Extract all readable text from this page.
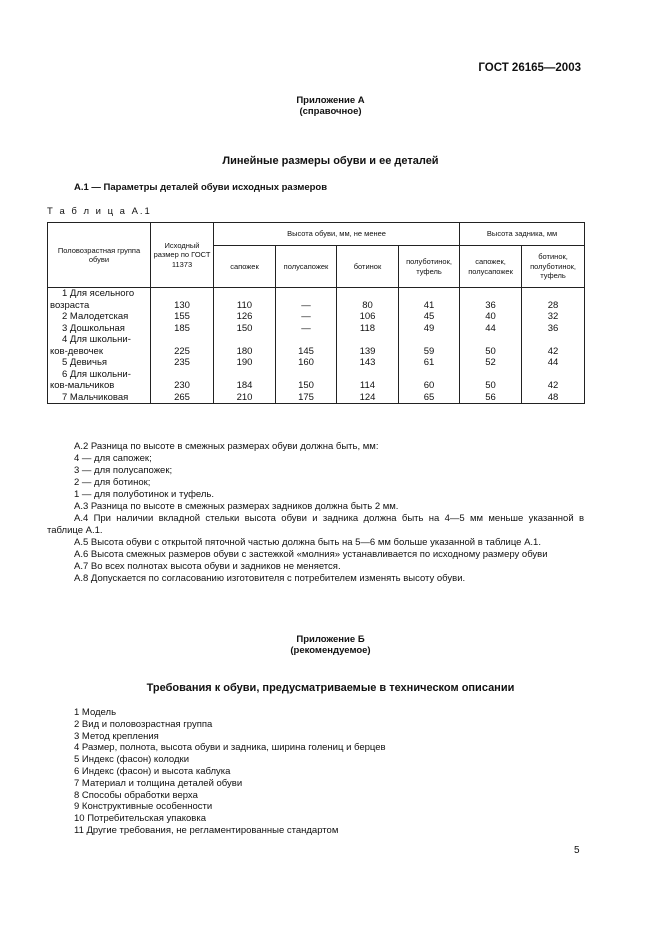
ГОСТ 26165—2003
Приложение А
(справочное)
Линейные размеры обуви и ее деталей
А.1 — Параметры деталей обуви исходных размеров
Т а б л и ц а А.1
Половозрастная группа обуви	Исходный размер по ГОСТ 11373	Высота обуви, мм, не менее				Высота задника, мм	
		сапожек	полусапожек	ботинок	полуботинок, туфель	сапожек, полусапожек	ботинок, полуботинок, туфель

1 Для ясельного
возраста	130	110	—	80	41	36	28

2 Малодетская	155	126	—	106	45	40	32

3 Дошкольная	185	150	—	118	49	44	36

4 Для школьни-
ков-девочек	225	180	145	139	59	50	42

5 Девичья	235	190	160	143	61	52	44

6 Для школьни-
ков-мальчиков	230	184	150	114	60	50	42

7 Мальчиковая	265	210	175	124	65	56	48
А.2 Разница по высоте в смежных размерах обуви должна быть, мм:
4 — для сапожек;
3 — для полусапожек;
2 — для ботинок;
1 — для полуботинок и туфель.
А.3 Разница по высоте в смежных размерах задников должна быть 2 мм.
А.4 При наличии вкладной стельки высота обуви и задника должна быть на 4—5 мм меньше указанной в
таблице А.1.
А.5 Высота обуви с открытой пяточной частью должна быть на 5—6 мм больше указанной в таблице А.1.
А.6 Высота смежных размеров обуви с застежкой «молния» устанавливается по исходному размеру обуви
А.7 Во всех полнотах высота обуви и задников не меняется.
А.8 Допускается по согласованию изготовителя с потребителем изменять высоту обуви.
Приложение Б
(рекомендуемое)
Требования к обуви, предусматриваемые в техническом описании
1 Модель
2 Вид и половозрастная группа
3 Метод крепления
4 Размер, полнота, высота обуви и задника, ширина голениц и берцев
5 Индекс (фасон) колодки
6 Индекс (фасон) и высота каблука
7 Материал и толщина деталей обуви
8 Способы обработки верха
9 Конструктивные особенности
10 Потребительская упаковка
11 Другие требования, не регламентированные стандартом
5
